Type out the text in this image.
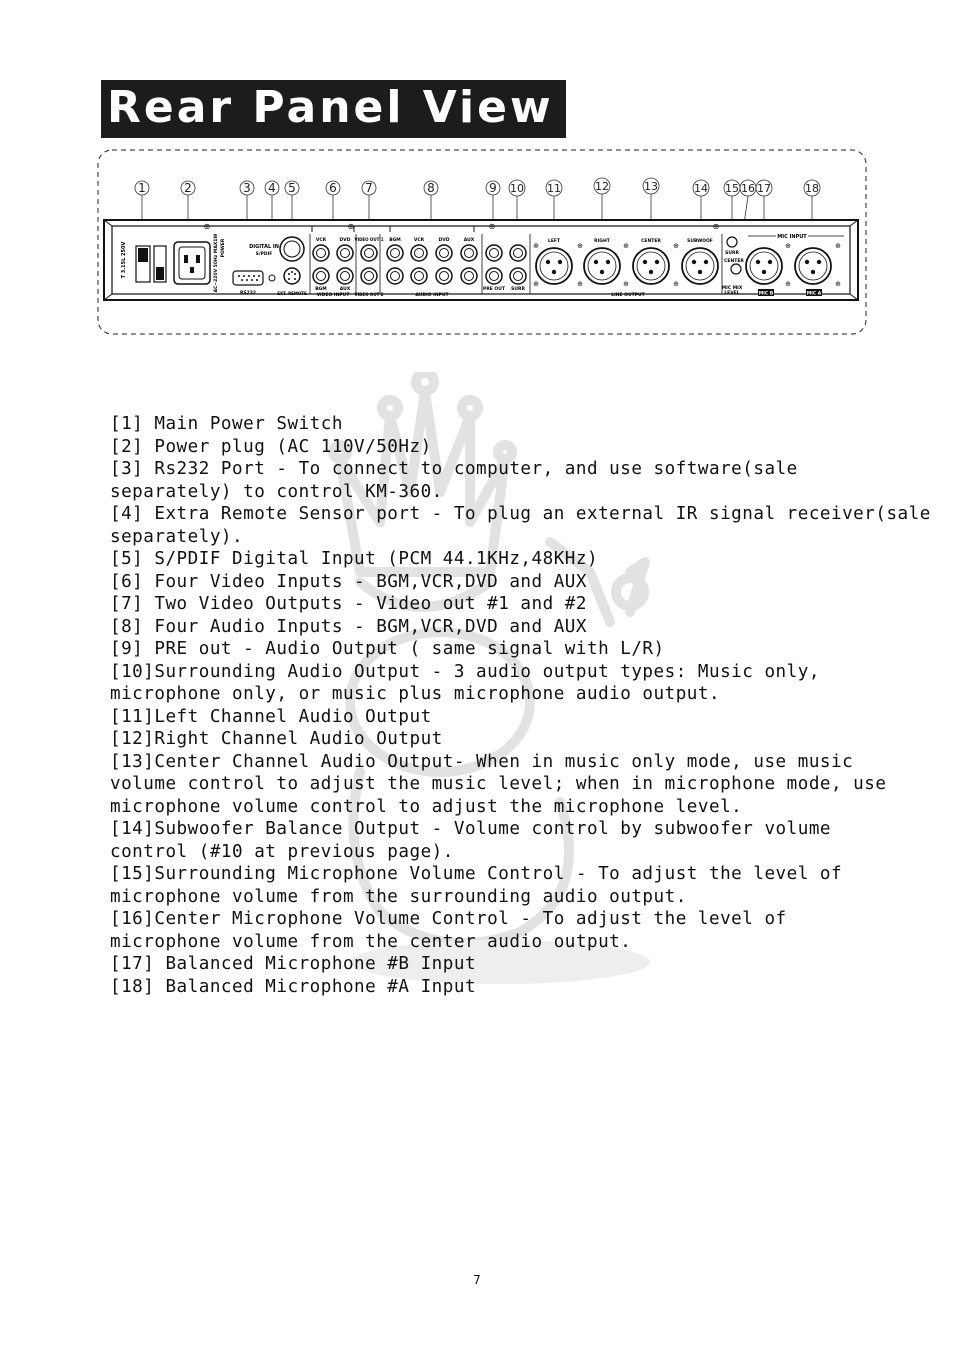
Rear Panel View
1	2	3 4 5	6 7	8	9 10 11	12	13	14 15 16 17	18
⊕	⊕	⊕	⊕
T 3.15L 250V	AC~220V 50Hz MAX1W POWER
RS232
DIGITAL IN
S/PDIF
EXT. REMOTE
VCR	DVD
BGM	AUX
VIDEO INPUT
VIDEO OUT 1
VIDEO OUT 2
BGM	VCR	DVD	AUX
AUDIO INPUT
PRE OUT SURR
LEFT	RIGHT	CENTER	SUBWOOF
LINE OUTPUT
⊕
⊕
⊕
⊕
⊕
⊕
⊕
⊕
SURR
CENTER
MIC MIX
LEVEL
MIC INPUT
⊕
⊕
⊕
⊕
MIC B	MIC A

[1] Main Power Switch

[2] Power plug (AC 110V/50Hz)

[3] Rs232 Port - To connect to computer, and use software(sale

separately) to control KM-360.

[4] Extra Remote Sensor port - To plug an external IR signal receiver(sale

separately).

[5] S/PDIF Digital Input (PCM 44.1KHz,48KHz)

[6] Four Video Inputs - BGM,VCR,DVD and AUX

[7] Two Video Outputs - Video out #1 and #2

[8] Four Audio Inputs - BGM,VCR,DVD and AUX

[9] PRE out - Audio Output ( same signal with L/R)

[10]Surrounding Audio Output - 3 audio output types: Music only,

microphone only, or music plus microphone audio output.

[11]Left Channel Audio Output

[12]Right Channel Audio Output

[13]Center Channel Audio Output- When in music only mode, use music

volume control to adjust the music level; when in microphone mode, use

microphone volume control to adjust the microphone level.

[14]Subwoofer Balance Output - Volume control by subwoofer volume

control (#10 at previous page).

[15]Surrounding Microphone Volume Control - To adjust the level of

microphone volume from the surrounding audio output.

[16]Center Microphone Volume Control - To adjust the level of

microphone volume from the center audio output.

[17] Balanced Microphone #B Input

[18] Balanced Microphone #A Input

7
